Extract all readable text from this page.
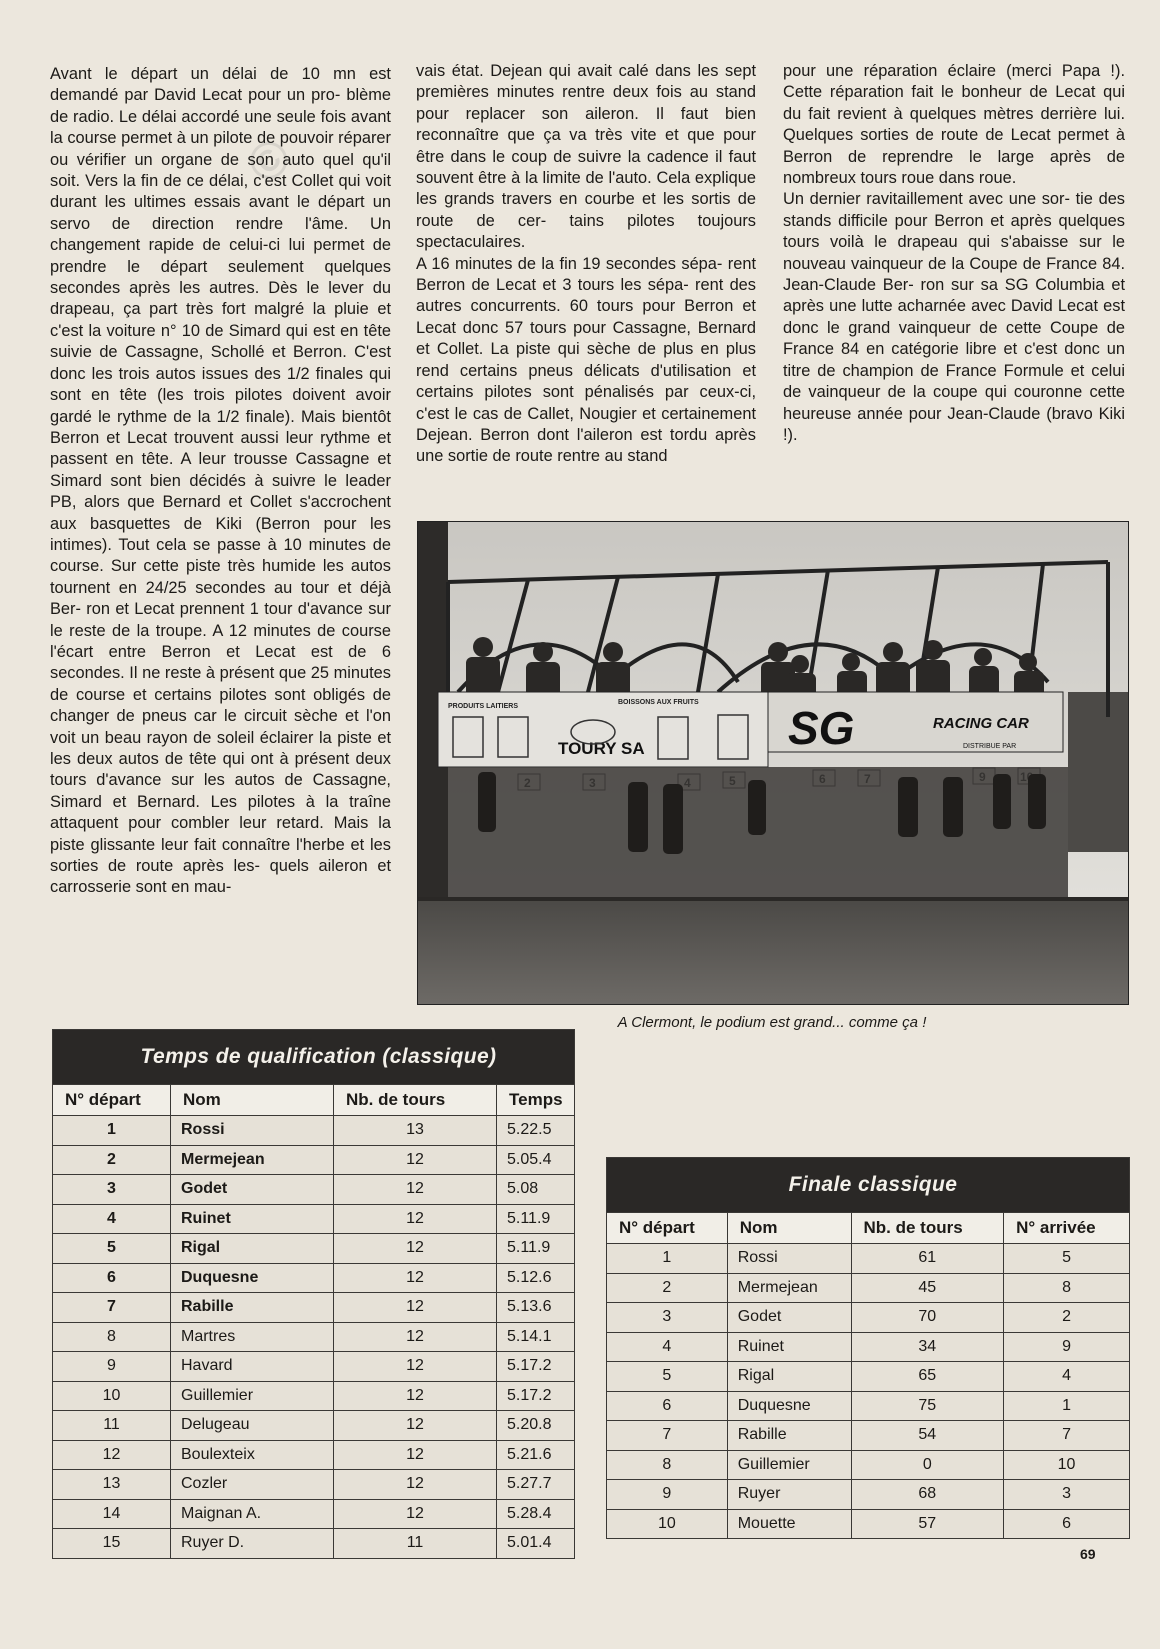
©

Avant le départ un délai de 10 mn est demandé par David Lecat pour un pro- blème de radio. Le délai accordé une seule fois avant la course permet à un pilote de pouvoir réparer ou vérifier un organe de son auto quel qu'il soit. Vers la fin de ce délai, c'est Collet qui voit durant les ultimes essais avant le départ un servo de direction rendre l'âme. Un changement rapide de celui-ci lui permet de prendre le départ seulement quelques secondes après les autres. Dès le lever du drapeau, ça part très fort malgré la pluie et c'est la voiture n° 10 de Simard qui est en tête suivie de Cassagne, Schollé et Berron. C'est donc les trois autos issues des 1/2 finales qui sont en tête (les trois pilotes doivent avoir gardé le rythme de la 1/2 finale). Mais bientôt Berron et Lecat trouvent aussi leur rythme et passent en tête. A leur trousse Cassagne et Simard sont bien décidés à suivre le leader PB, alors que Bernard et Collet s'accrochent aux basquettes de Kiki (Berron pour les intimes). Tout cela se passe à 10 minutes de course. Sur cette piste très humide les autos tournent en 24/25 secondes au tour et déjà Ber- ron et Lecat prennent 1 tour d'avance sur le reste de la troupe. A 12 minutes de course l'écart entre Berron et Lecat est de 6 secondes. Il ne reste à présent que 25 minutes de course et certains pilotes sont obligés de changer de pneus car le circuit sèche et l'on voit un beau rayon de soleil éclairer la piste et les deux autos de tête qui ont à présent deux tours d'avance sur les autos de Cassagne, Simard et Bernard. Les pilotes à la traîne attaquent pour combler leur retard. Mais la piste glissante leur fait connaître l'herbe et les sorties de route après les- quels aileron et carrosserie sont en mau-

vais état. Dejean qui avait calé dans les sept premières minutes rentre deux fois au stand pour replacer son aileron. Il faut bien reconnaître que ça va très vite et que pour être dans le coup de suivre la cadence il faut souvent être à la limite de l'auto. Cela explique les grands travers en courbe et les sortis de route de cer- tains pilotes toujours spectaculaires.

A 16 minutes de la fin 19 secondes sépa- rent Berron de Lecat et 3 tours les sépa- rent des autres concurrents. 60 tours pour Berron et Lecat donc 57 tours pour Cassagne, Bernard et Collet. La piste qui sèche de plus en plus rend certains pneus délicats d'utilisation et certains pilotes sont pénalisés par ceux-ci, c'est le cas de Callet, Nougier et certainement Dejean. Berron dont l'aileron est tordu après une sortie de route rentre au stand

pour une réparation éclaire (merci Papa !). Cette réparation fait le bonheur de Lecat qui du fait revient à quelques mètres derrière lui. Quelques sorties de route de Lecat permet à Berron de reprendre le large après de nombreux tours roue dans roue.

Un dernier ravitaillement avec une sor- tie des stands difficile pour Berron et après quelques tours voilà le drapeau qui s'abaisse sur le nouveau vainqueur de la Coupe de France 84. Jean-Claude Ber- ron sur sa SG Columbia et après une lutte acharnée avec David Lecat est donc le grand vainqueur de cette Coupe de France 84 en catégorie libre et c'est donc un titre de champion de France Formule et celui de vainqueur de la coupe qui couronne cette heureuse année pour Jean-Claude (bravo Kiki !).

PRODUITS LAITIERS
BOISSONS AUX FRUITS
TOURY SA	SG	RACING CAR
DISTRIBUE PAR
A Clermont, le podium est grand... comme ça !
Temps de qualification (classique)			
N° départ	Nom	Nb. de tours	Temps
1	Rossi	13	5.22.5
2	Mermejean	12	5.05.4
3	Godet	12	5.08
4	Ruinet	12	5.11.9
5	Rigal	12	5.11.9
6	Duquesne	12	5.12.6
7	Rabille	12	5.13.6
8	Martres	12	5.14.1
9	Havard	12	5.17.2
10	Guillemier	12	5.17.2
11	Delugeau	12	5.20.8
12	Boulexteix	12	5.21.6
13	Cozler	12	5.27.7
14	Maignan A.	12	5.28.4
15	Ruyer D.	11	5.01.4
Finale classique			
N° départ	Nom	Nb. de tours	N° arrivée
1	Rossi	61	5
2	Mermejean	45	8
3	Godet	70	2
4	Ruinet	34	9
5	Rigal	65	4
6	Duquesne	75	1
7	Rabille	54	7
8	Guillemier	0	10
9	Ruyer	68	3
10	Mouette	57	6
69
